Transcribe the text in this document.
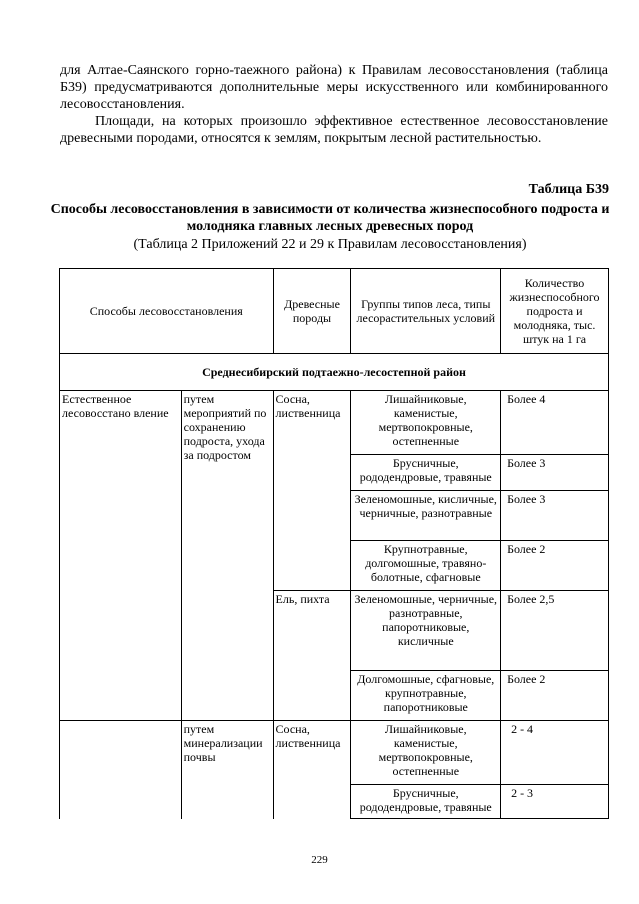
для Алтае-Саянского горно-таежного района) к Правилам лесовосстановления (таблица Б39) предусматриваются дополнительные меры искусственного или комбинированного лесовосстановления.
Площади, на которых произошло эффективное естественное лесовосстановление древесными породами, относятся к землям, покрытым лесной растительностью.
Таблица Б39
Способы лесовосстановления в зависимости от количества жизнеспособного подроста и молодняка главных лесных древесных пород
(Таблица 2 Приложений 22 и 29 к Правилам лесовосстановления)
Способы лесовосстановления		Древесные породы	Группы типов леса, типы лесорастительных условий	Количество жизнеспособного подроста и молодняка, тыс. штук на 1 га
Среднесибирский подтаежно-лесостепной район				
Естественное лесовосстано вление	путем мероприятий по сохранению подроста, ухода за подростом	Сосна, лиственница	Лишайниковые, каменистые, мертвопокровные, остепненные	Более 4
			Брусничные, рододендровые, травяные	Более 3
			Зеленомошные, кисличные, черничные, разнотравные	Более 3
			Крупнотравные, долгомошные, травяно-болотные, сфагновые	Более 2
		Ель, пихта	Зеленомошные, черничные, разнотравные, папоротниковые, кисличные	Более 2,5
			Долгомошные, сфагновые, крупнотравные, папоротниковые	Более 2
	путем минерализации почвы	Сосна, лиственница	Лишайниковые, каменистые, мертвопокровные, остепненные	2 - 4
			Брусничные, рододендровые, травяные	2 - 3
229
